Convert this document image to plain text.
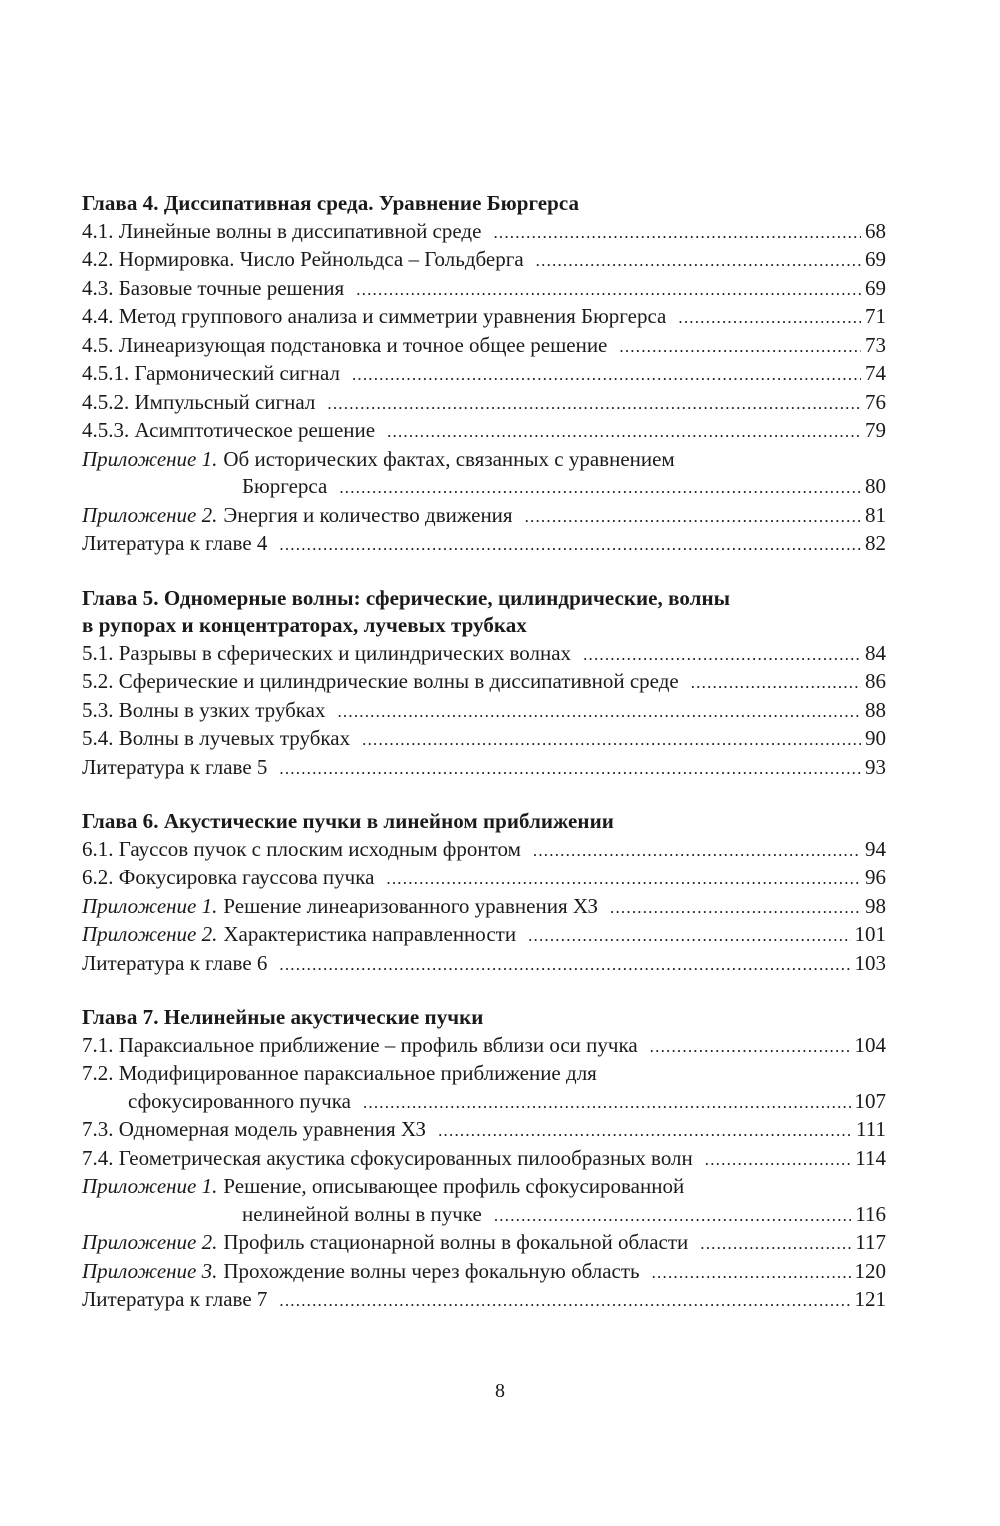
Глава 4. Диссипативная среда. Уравнение Бюргерса
4.1. Линейные волны в диссипативной среде .....	68
4.2. Нормировка. Число Рейнольдса – Гольдберга .....	69
4.3. Базовые точные решения .....	69
4.4. Метод группового анализа и симметрии уравнения Бюргерса .....	71
4.5. Линеаризующая подстановка и точное общее решение .....	73
4.5.1. Гармонический сигнал .....	74
4.5.2. Импульсный сигнал .....	76
4.5.3. Асимптотическое решение .....	79
Приложение 1. Об исторических фактах, связанных с уравнением
Бюргерса .....	80
Приложение 2. Энергия и количество движения .....	81
Литература к главе 4 .....	82
Глава 5. Одномерные волны: сферические, цилиндрические, волны
в рупорах и концентраторах, лучевых трубках
5.1. Разрывы в сферических и цилиндрических волнах .....	84
5.2. Сферические и цилиндрические волны в диссипативной среде .....	86
5.3. Волны в узких трубках .....	88
5.4. Волны в лучевых трубках .....	90
Литература к главе 5 .....	93
Глава 6. Акустические пучки в линейном приближении
6.1. Гауссов пучок с плоским исходным фронтом .....	94
6.2. Фокусировка гауссова пучка .....	96
Приложение 1. Решение линеаризованного уравнения ХЗ .....	98
Приложение 2. Характеристика направленности .....	101
Литература к главе 6 .....	103
Глава 7. Нелинейные акустические пучки
7.1. Параксиальное приближение – профиль вблизи оси пучка .....	104
7.2. Модифицированное параксиальное приближение для
сфокусированного пучка .....	107
7.3. Одномерная модель уравнения ХЗ .....	111
7.4. Геометрическая акустика сфокусированных пилообразных волн .....	114
Приложение 1. Решение, описывающее профиль сфокусированной
нелинейной волны в пучке .....	116
Приложение 2. Профиль стационарной волны в фокальной области .....	117
Приложение 3. Прохождение волны через фокальную область .....	120
Литература к главе 7 .....	121
8
